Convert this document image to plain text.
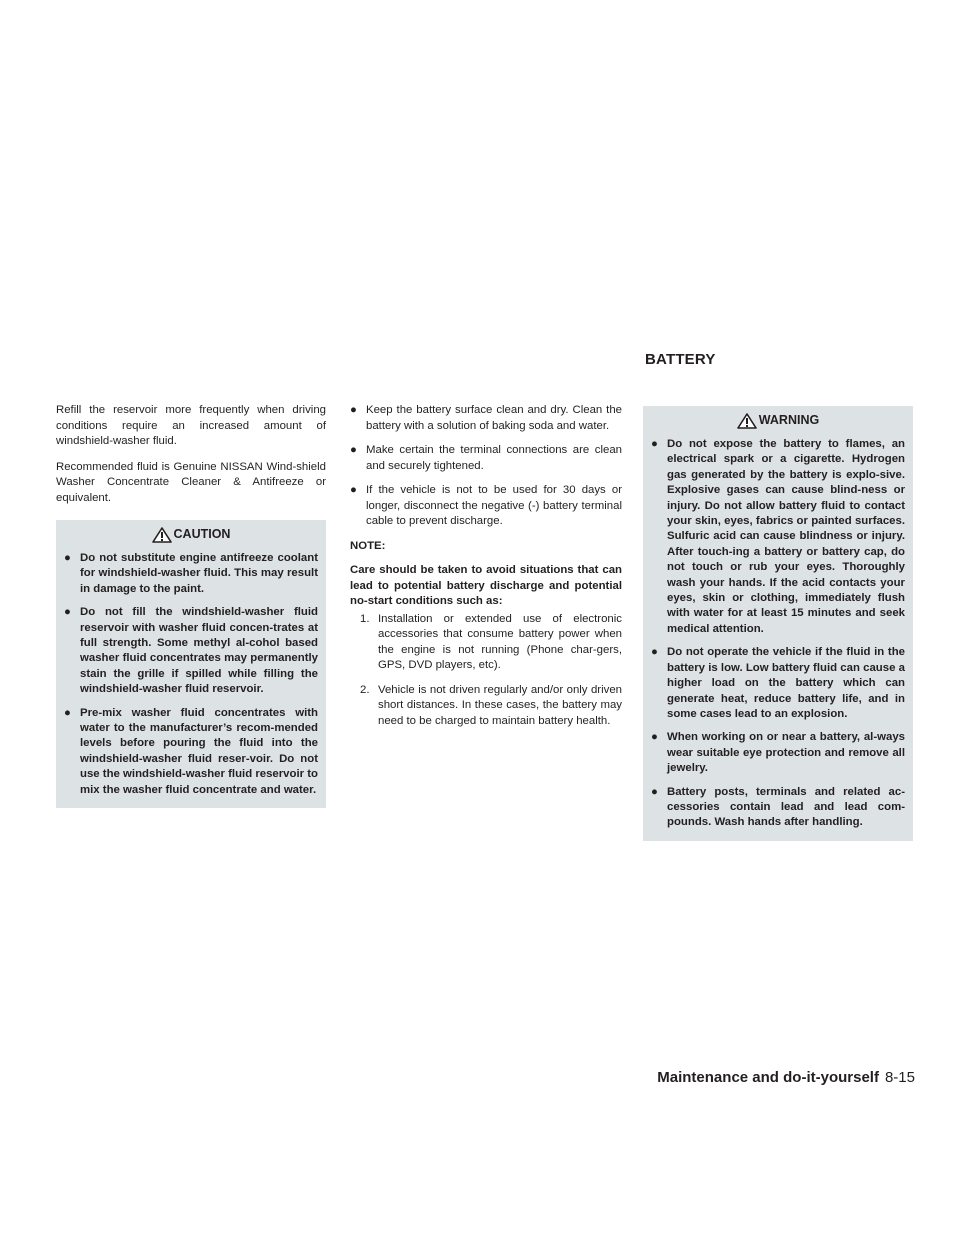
BATTERY

Refill the reservoir more frequently when driving conditions require an increased amount of windshield-washer fluid.

Recommended fluid is Genuine NISSAN Wind-shield Washer Concentrate Cleaner & Antifreeze or equivalent.

CAUTION
● Do not substitute engine antifreeze coolant for windshield-washer fluid. This may result in damage to the paint.
● Do not fill the windshield-washer fluid reservoir with washer fluid concen-trates at full strength. Some methyl al-cohol based washer fluid concentrates may permanently stain the grille if spilled while filling the windshield-washer fluid reservoir.
● Pre-mix washer fluid concentrates with water to the manufacturer’s recom-mended levels before pouring the fluid into the windshield-washer fluid reser-voir. Do not use the windshield-washer fluid reservoir to mix the washer fluid concentrate and water.
● Keep the battery surface clean and dry. Clean the battery with a solution of baking soda and water.
● Make certain the terminal connections are clean and securely tightened.
● If the vehicle is not to be used for 30 days or longer, disconnect the negative (-) battery terminal cable to prevent discharge.
NOTE:
Care should be taken to avoid situations that can lead to potential battery discharge and potential no-start conditions such as:
1. Installation or extended use of electronic accessories that consume battery power when the engine is not running (Phone char-gers, GPS, DVD players, etc).
2. Vehicle is not driven regularly and/or only driven short distances. In these cases, the battery may need to be charged to maintain battery health.
WARNING
● Do not expose the battery to flames, an electrical spark or a cigarette. Hydrogen gas generated by the battery is explo-sive. Explosive gases can cause blind-ness or injury. Do not allow battery fluid to contact your skin, eyes, fabrics or painted surfaces. Sulfuric acid can cause blindness or injury. After touch-ing a battery or battery cap, do not touch or rub your eyes. Thoroughly wash your hands. If the acid contacts your eyes, skin or clothing, immediately flush with water for at least 15 minutes and seek medical attention.
● Do not operate the vehicle if the fluid in the battery is low. Low battery fluid can cause a higher load on the battery which can generate heat, reduce battery life, and in some cases lead to an explosion.
● When working on or near a battery, al-ways wear suitable eye protection and remove all jewelry.
● Battery posts, terminals and related ac-cessories contain lead and lead com-pounds. Wash hands after handling.
Maintenance and do-it-yourself 8-15
